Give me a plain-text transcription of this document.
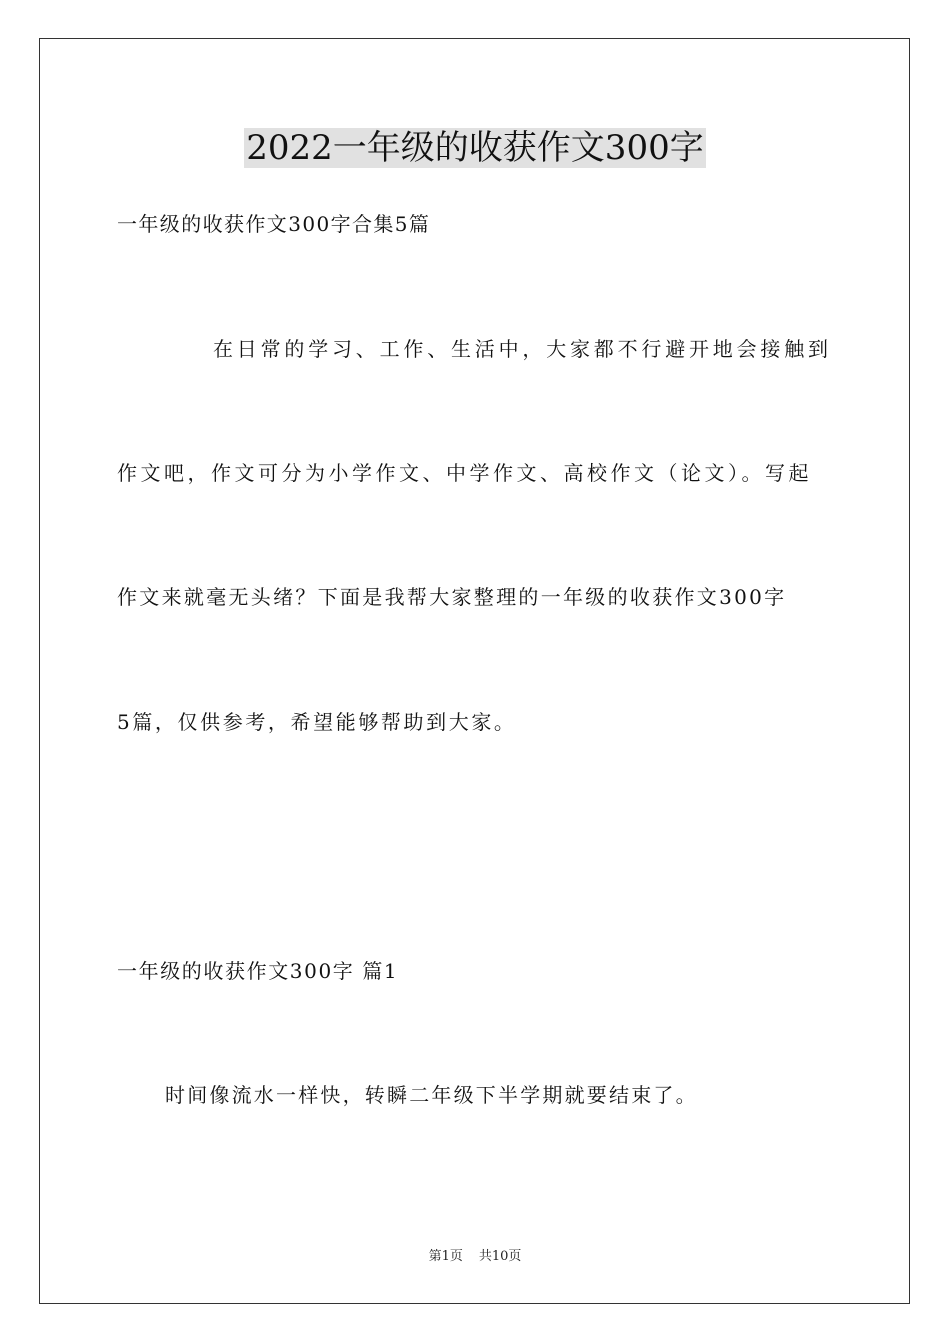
2022一年级的收获作文300字
一年级的收获作文300字合集5篇
在日常的学习、工作、生活中，大家都不行避开地会接触到
作文吧，作文可分为小学作文、中学作文、高校作文（论文）。写起
作文来就毫无头绪？下面是我帮大家整理的一年级的收获作文300字
5篇，仅供参考，希望能够帮助到大家。
一年级的收获作文300字 篇1
时间像流水一样快，转瞬二年级下半学期就要结束了。
第1页 共10页
